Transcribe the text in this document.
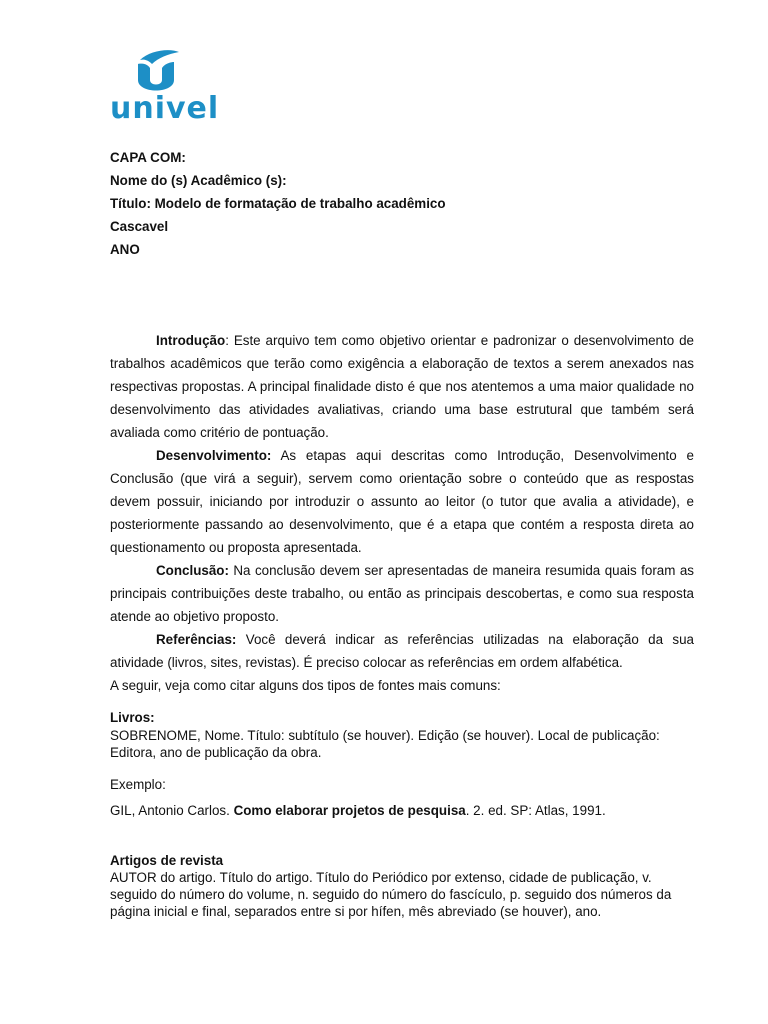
univel
CAPA COM:
Nome do (s) Acadêmico (s):
Título: Modelo de formatação de trabalho acadêmico
Cascavel
ANO

Introdução: Este arquivo tem como objetivo orientar e padronizar o desenvolvimento de trabalhos acadêmicos que terão como exigência a elaboração de textos a serem anexados nas respectivas propostas. A principal finalidade disto é que nos atentemos a uma maior qualidade no desenvolvimento das atividades avaliativas, criando uma base estrutural que também será avaliada como critério de pontuação.

Desenvolvimento: As etapas aqui descritas como Introdução, Desenvolvimento e Conclusão (que virá a seguir), servem como orientação sobre o conteúdo que as respostas devem possuir, iniciando por introduzir o assunto ao leitor (o tutor que avalia a atividade), e posteriormente passando ao desenvolvimento, que é a etapa que contém a resposta direta ao questionamento ou proposta apresentada.

Conclusão: Na conclusão devem ser apresentadas de maneira resumida quais foram as principais contribuições deste trabalho, ou então as principais descobertas, e como sua resposta atende ao objetivo proposto.

Referências: Você deverá indicar as referências utilizadas na elaboração da sua atividade (livros, sites, revistas). É preciso colocar as referências em ordem alfabética.

A seguir, veja como citar alguns dos tipos de fontes mais comuns:

Livros:
SOBRENOME, Nome. Título: subtítulo (se houver). Edição (se houver). Local de publicação: Editora, ano de publicação da obra.
Exemplo:
GIL, Antonio Carlos. Como elaborar projetos de pesquisa. 2. ed. SP: Atlas, 1991.
Artigos de revista
AUTOR do artigo. Título do artigo. Título do Periódico por extenso, cidade de publicação, v. seguido do número do volume, n. seguido do número do fascículo, p. seguido dos números da página inicial e final, separados entre si por hífen, mês abreviado (se houver), ano.
